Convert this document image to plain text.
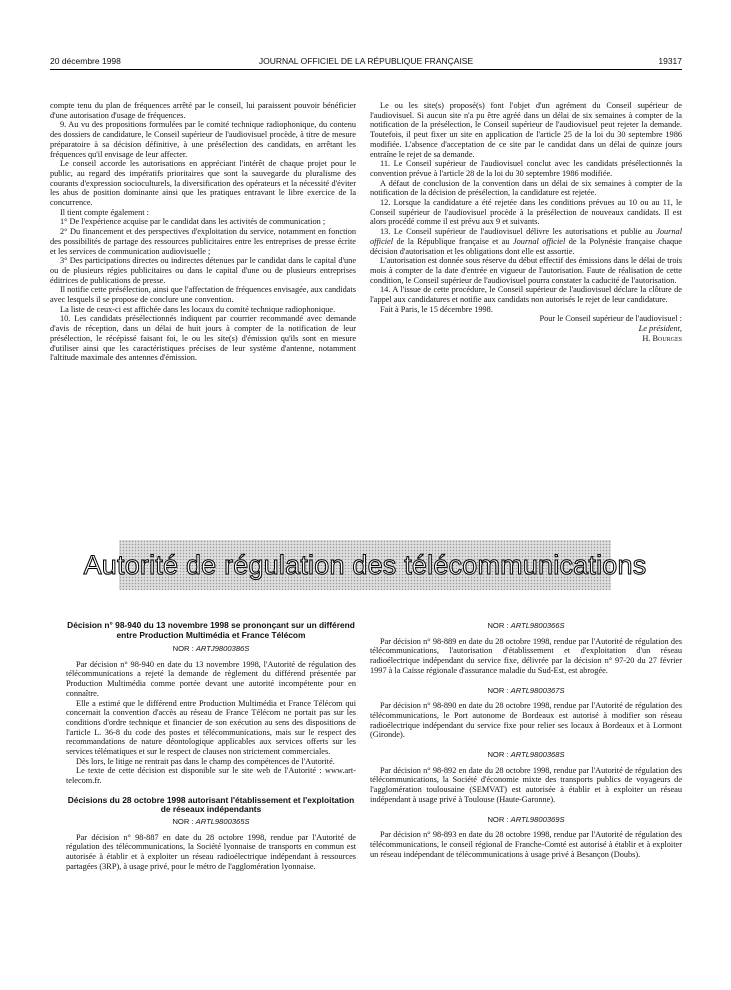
20 décembre 1998	JOURNAL OFFICIEL DE LA RÉPUBLIQUE FRANÇAISE	19317

compte tenu du plan de fréquences arrêté par le conseil, lui paraissent pouvoir bénéficier d'une autorisation d'usage de fréquences.

9. Au vu des propositions formulées par le comité technique radiophonique, du contenu des dossiers de candidature, le Conseil supérieur de l'audiovisuel procède, à titre de mesure préparatoire à sa décision définitive, à une présélection des candidats, en arrêtant les fréquences qu'il envisage de leur affecter.

Le conseil accorde les autorisations en appréciant l'intérêt de chaque projet pour le public, au regard des impératifs prioritaires que sont la sauvegarde du pluralisme des courants d'expression socioculturels, la diversification des opérateurs et la nécessité d'éviter les abus de position dominante ainsi que les pratiques entravant le libre exercice de la concurrence.

Il tient compte également :

1° De l'expérience acquise par le candidat dans les activités de communication ;

2° Du financement et des perspectives d'exploitation du service, notamment en fonction des possibilités de partage des ressources publicitaires entre les entreprises de presse écrite et les services de communication audiovisuelle ;

3° Des participations directes ou indirectes détenues par le candidat dans le capital d'une ou de plusieurs régies publicitaires ou dans le capital d'une ou de plusieurs entreprises éditrices de publications de presse.

Il notifie cette présélection, ainsi que l'affectation de fréquences envisagée, aux candidats avec lesquels il se propose de conclure une convention.

La liste de ceux-ci est affichée dans les locaux du comité technique radiophonique.

10. Les candidats présélectionnés indiquent par courrier recommandé avec demande d'avis de réception, dans un délai de huit jours à compter de la notification de leur présélection, le récépissé faisant foi, le ou les site(s) d'émission qu'ils sont en mesure d'utiliser ainsi que les caractéristiques précises de leur système d'antenne, notamment l'altitude maximale des antennes d'émission.

Le ou les site(s) proposé(s) font l'objet d'un agrément du Conseil supérieur de l'audiovisuel. Si aucun site n'a pu être agréé dans un délai de six semaines à compter de la notification de la présélection, le Conseil supérieur de l'audiovisuel peut rejeter la demande. Toutefois, il peut fixer un site en application de l'article 25 de la loi du 30 septembre 1986 modifiée. L'absence d'acceptation de ce site par le candidat dans un délai de quinze jours entraîne le rejet de sa demande.

11. Le Conseil supérieur de l'audiovisuel conclut avec les candidats présélectionnés la convention prévue à l'article 28 de la loi du 30 septembre 1986 modifiée.

A défaut de conclusion de la convention dans un délai de six semaines à compter de la notification de la décision de présélection, la candidature est rejetée.

12. Lorsque la candidature a été rejetée dans les conditions prévues au 10 ou au 11, le Conseil supérieur de l'audiovisuel procède à la présélection de nouveaux candidats. Il est alors procédé comme il est prévu aux 9 et suivants.

13. Le Conseil supérieur de l'audiovisuel délivre les autorisations et publie au Journal officiel de la République française et au Journal officiel de la Polynésie française chaque décision d'autorisation et les obligations dont elle est assortie.

L'autorisation est donnée sous réserve du début effectif des émissions dans le délai de trois mois à compter de la date d'entrée en vigueur de l'autorisation. Faute de réalisation de cette condition, le Conseil supérieur de l'audiovisuel pourra constater la caducité de l'autorisation.

14. A l'issue de cette procédure, le Conseil supérieur de l'audiovisuel déclare la clôture de l'appel aux candidatures et notifie aux candidats non autorisés le rejet de leur candidature.

Fait à Paris, le 15 décembre 1998.

Pour le Conseil supérieur de l'audiovisuel :

Le président,

H. Bourges

Autorité de régulation des télécommunications

Décision n° 98-940 du 13 novembre 1998 se prononçant sur un différend entre Production Multimédia et France Télécom

NOR : ARTJ9800386S

Par décision n° 98-940 en date du 13 novembre 1998, l'Autorité de régulation des télécommunications a rejeté la demande de règlement du différend présentée par Production Multimédia comme portée devant une autorité incompétente pour en connaître.

Elle a estimé que le différend entre Production Multimédia et France Télécom qui concernait la convention d'accès au réseau de France Télécom ne portait pas sur les conditions d'ordre technique et financier de son exécution au sens des dispositions de l'article L. 36-8 du code des postes et télécommunications, mais sur le respect des recommandations de nature déontologique applicables aux services offerts sur les services télématiques et sur le respect de clauses non strictement commerciales.

Dès lors, le litige ne rentrait pas dans le champ des compétences de l'Autorité.

Le texte de cette décision est disponible sur le site web de l'Autorité : www.art-telecom.fr.

Décisions du 28 octobre 1998 autorisant l'établissement et l'exploitation de réseaux indépendants

NOR : ARTL9800365S

Par décision n° 98-887 en date du 28 octobre 1998, rendue par l'Autorité de régulation des télécommunications, la Société lyonnaise de transports en commun est autorisée à établir et à exploiter un réseau radioélectrique indépendant à ressources partagées (3RP), à usage privé, pour le métro de l'agglomération lyonnaise.

NOR : ARTL9800366S

Par décision n° 98-889 en date du 28 octobre 1998, rendue par l'Autorité de régulation des télécommunications, l'autorisation d'établissement et d'exploitation d'un réseau radioélectrique indépendant du service fixe, délivrée par la décision n° 97-20 du 27 février 1997 à la Caisse régionale d'assurance maladie du Sud-Est, est abrogée.

NOR : ARTL9800367S

Par décision n° 98-890 en date du 28 octobre 1998, rendue par l'Autorité de régulation des télécommunications, le Port autonome de Bordeaux est autorisé à modifier son réseau radioélectrique indépendant du service fixe pour relier ses locaux à Bordeaux et à Lormont (Gironde).

NOR : ARTL9800368S

Par décision n° 98-892 en date du 28 octobre 1998, rendue par l'Autorité de régulation des télécommunications, la Société d'économie mixte des transports publics de voyageurs de l'agglomération toulousaine (SEMVAT) est autorisée à établir et à exploiter un réseau indépendant à usage privé à Toulouse (Haute-Garonne).

NOR : ARTL9800369S

Par décision n° 98-893 en date du 28 octobre 1998, rendue par l'Autorité de régulation des télécommunications, le conseil régional de Franche-Comté est autorisé à établir et à exploiter un réseau indépendant de télécommunications à usage privé à Besançon (Doubs).
